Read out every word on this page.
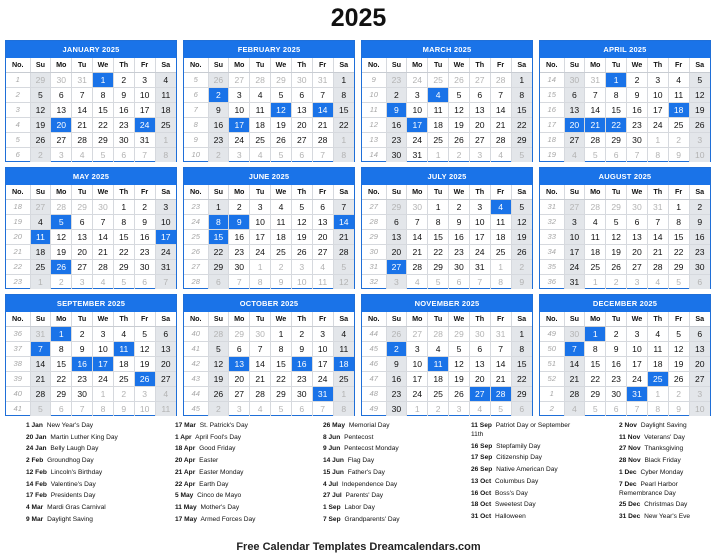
2025
JANUARY 2025
No.	Su	Mo	Tu	We	Th	Fr	Sa
1	29	30	31	1	2	3	4
2	5	6	7	8	9	10	11
3	12	13	14	15	16	17	18
4	19	20	21	22	23	24	25
5	26	27	28	29	30	31	1
6	2	3	4	5	6	7	8
FEBRUARY 2025
No.	Su	Mo	Tu	We	Th	Fr	Sa
5	26	27	28	29	30	31	1
6	2	3	4	5	6	7	8
7	9	10	11	12	13	14	15
8	16	17	18	19	20	21	22
9	23	24	25	26	27	28	1
10	2	3	4	5	6	7	8
MARCH 2025
No.	Su	Mo	Tu	We	Th	Fr	Sa
9	23	24	25	26	27	28	1
10	2	3	4	5	6	7	8
11	9	10	11	12	13	14	15
12	16	17	18	19	20	21	22
13	23	24	25	26	27	28	29
14	30	31	1	2	3	4	5
APRIL 2025
No.	Su	Mo	Tu	We	Th	Fr	Sa
14	30	31	1	2	3	4	5
15	6	7	8	9	10	11	12
16	13	14	15	16	17	18	19
17	20	21	22	23	24	25	26
18	27	28	29	30	1	2	3
19	4	5	6	7	8	9	10
MAY 2025
No.	Su	Mo	Tu	We	Th	Fr	Sa
18	27	28	29	30	1	2	3
19	4	5	6	7	8	9	10
20	11	12	13	14	15	16	17
21	18	19	20	21	22	23	24
22	25	26	27	28	29	30	31
23	1	2	3	4	5	6	7
JUNE 2025
No.	Su	Mo	Tu	We	Th	Fr	Sa
23	1	2	3	4	5	6	7
24	8	9	10	11	12	13	14
25	15	16	17	18	19	20	21
26	22	23	24	25	26	27	28
27	29	30	1	2	3	4	5
28	6	7	8	9	10	11	12
JULY 2025
No.	Su	Mo	Tu	We	Th	Fr	Sa
27	29	30	1	2	3	4	5
28	6	7	8	9	10	11	12
29	13	14	15	16	17	18	19
30	20	21	22	23	24	25	26
31	27	28	29	30	31	1	2
32	3	4	5	6	7	8	9
AUGUST 2025
No.	Su	Mo	Tu	We	Th	Fr	Sa
31	27	28	29	30	31	1	2
32	3	4	5	6	7	8	9
33	10	11	12	13	14	15	16
34	17	18	19	20	21	22	23
35	24	25	26	27	28	29	30
36	31	1	2	3	4	5	6
SEPTEMBER 2025
No.	Su	Mo	Tu	We	Th	Fr	Sa
36	31	1	2	3	4	5	6
37	7	8	9	10	11	12	13
38	14	15	16	17	18	19	20
39	21	22	23	24	25	26	27
40	28	29	30	1	2	3	4
41	5	6	7	8	9	10	11
OCTOBER 2025
No.	Su	Mo	Tu	We	Th	Fr	Sa
40	28	29	30	1	2	3	4
41	5	6	7	8	9	10	11
42	12	13	14	15	16	17	18
43	19	20	21	22	23	24	25
44	26	27	28	29	30	31	1
45	2	3	4	5	6	7	8
NOVEMBER 2025
No.	Su	Mo	Tu	We	Th	Fr	Sa
44	26	27	28	29	30	31	1
45	2	3	4	5	6	7	8
46	9	10	11	12	13	14	15
47	16	17	18	19	20	21	22
48	23	24	25	26	27	28	29
49	30	1	2	3	4	5	6
DECEMBER 2025
No.	Su	Mo	Tu	We	Th	Fr	Sa
49	30	1	2	3	4	5	6
50	7	8	9	10	11	12	13
51	14	15	16	17	18	19	20
52	21	22	23	24	25	26	27
1	28	29	30	31	1	2	3
2	4	5	6	7	8	9	10
1 Jan New Year's Day
20 Jan Martin Luther King Day
24 Jan Belly Laugh Day
2 Feb Groundhog Day
12 Feb Lincoln's Birthday
14 Feb Valentine's Day
17 Feb Presidents Day
4 Mar Mardi Gras Carnival
9 Mar Daylight Saving
17 Mar St. Patrick's Day
1 Apr April Fool's Day
18 Apr Good Friday
20 Apr Easter
21 Apr Easter Monday
22 Apr Earth Day
5 May Cinco de Mayo
11 May Mother's Day
17 May Armed Forces Day
26 May Memorial Day
8 Jun Pentecost
9 Jun Pentecost Monday
14 Jun Flag Day
15 Jun Father's Day
4 Jul Independence Day
27 Jul Parents' Day
1 Sep Labor Day
7 Sep Grandparents' Day
11 Sep Patriot Day or September 11th
16 Sep Stepfamily Day
17 Sep Citizenship Day
26 Sep Native American Day
13 Oct Columbus Day
16 Oct Boss's Day
18 Oct Sweetest Day
31 Oct Halloween
2 Nov Daylight Saving
11 Nov Veterans' Day
27 Nov Thanksgiving
28 Nov Black Friday
1 Dec Cyber Monday
7 Dec Pearl Harbor Remembrance Day
25 Dec Christmas Day
31 Dec New Year's Eve
Free Calendar Templates Dreamcalendars.com
